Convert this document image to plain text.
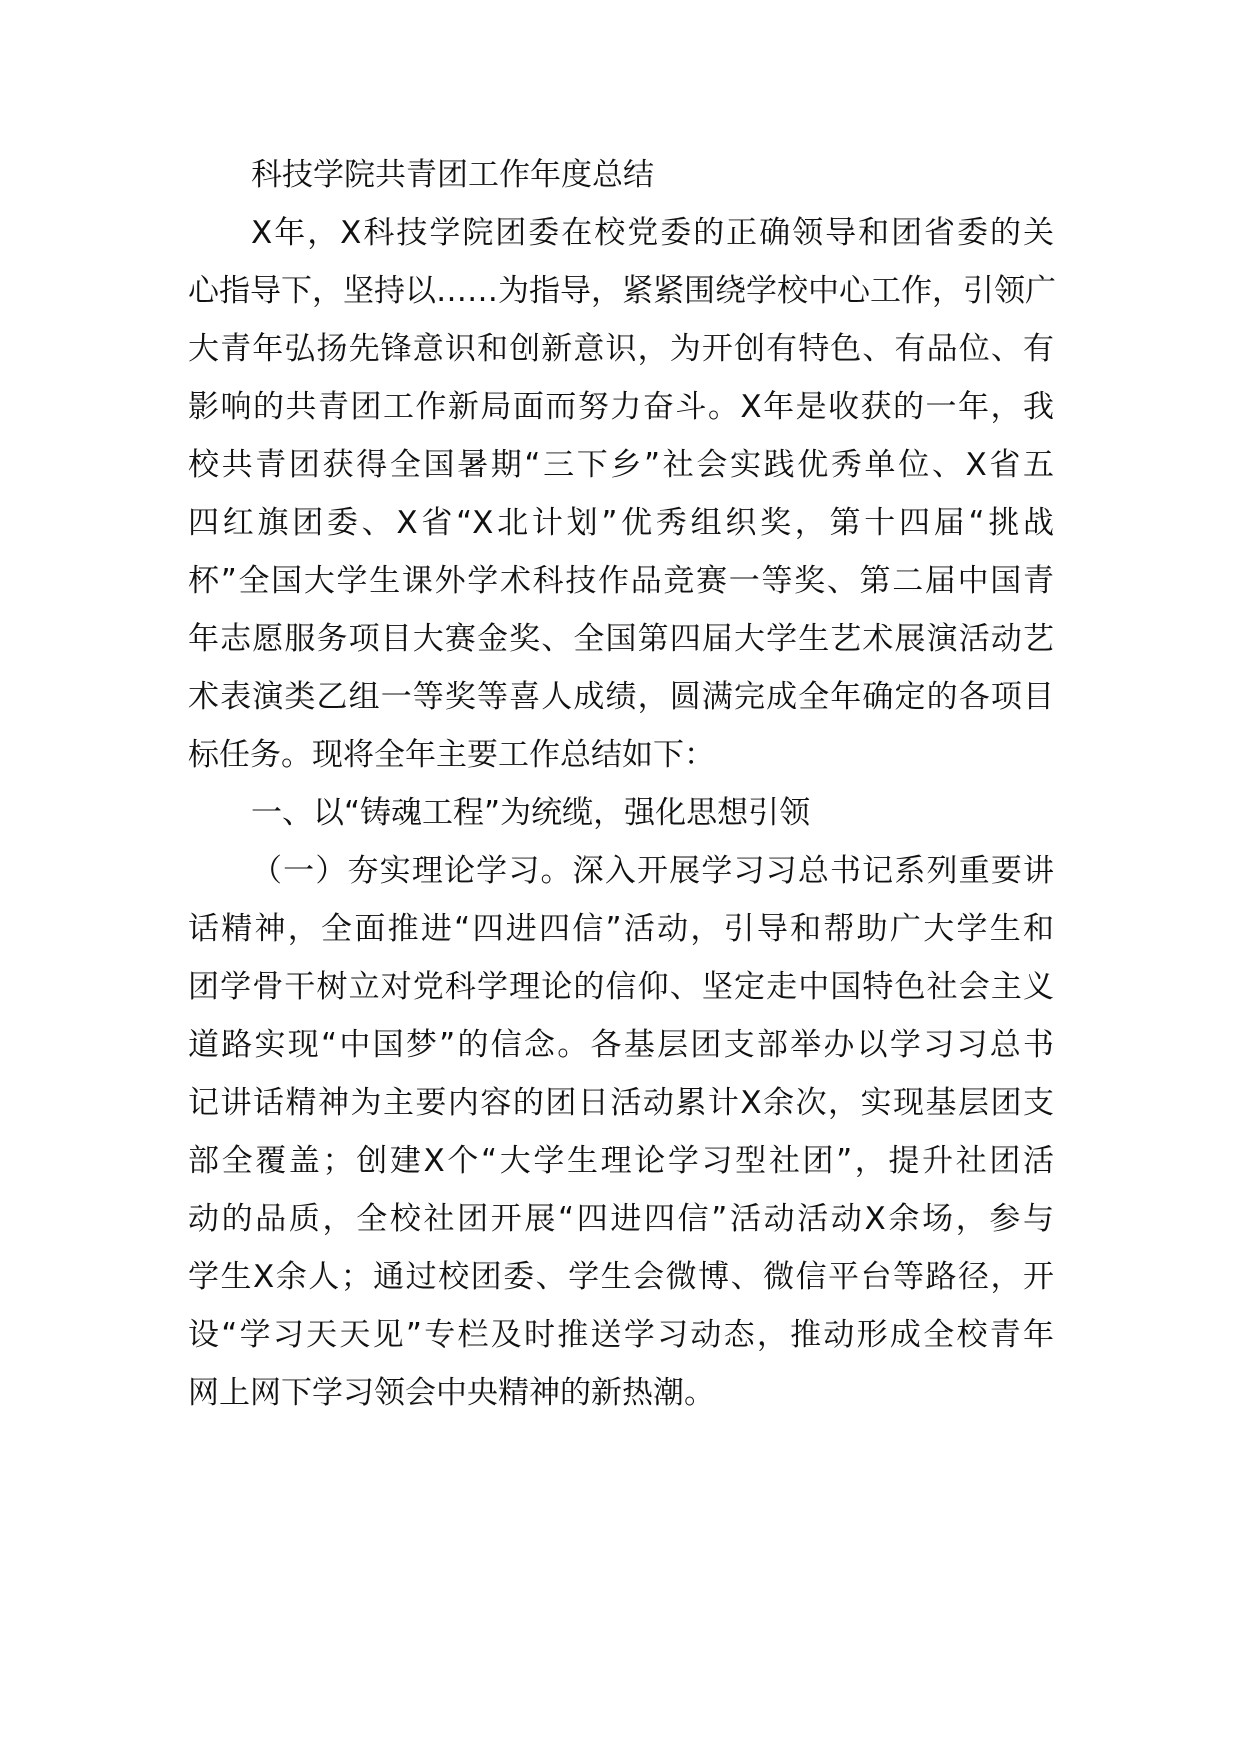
科技学院共青团工作年度总结
X年，X科技学院团委在校党委的正确领导和团省委的关
心指导下，坚持以……为指导，紧紧围绕学校中心工作，引领广
大青年弘扬先锋意识和创新意识，为开创有特色、有品位、有
影响的共青团工作新局面而努力奋斗。X年是收获的一年，我
校共青团获得全国暑期“三下乡”社会实践优秀单位、X省五
四红旗团委、X省“X北计划”优秀组织奖，第十四届“挑战
杯”全国大学生课外学术科技作品竞赛一等奖、第二届中国青
年志愿服务项目大赛金奖、全国第四届大学生艺术展演活动艺
术表演类乙组一等奖等喜人成绩，圆满完成全年确定的各项目
标任务。现将全年主要工作总结如下：
一、以“铸魂工程”为统缆，强化思想引领
（一）夯实理论学习。深入开展学习习总书记系列重要讲
话精神，全面推进“四进四信”活动，引导和帮助广大学生和
团学骨干树立对党科学理论的信仰、坚定走中国特色社会主义
道路实现“中国梦”的信念。各基层团支部举办以学习习总书
记讲话精神为主要内容的团日活动累计X余次，实现基层团支
部全覆盖；创建X个“大学生理论学习型社团”，提升社团活
动的品质，全校社团开展“四进四信”活动活动X余场，参与
学生X余人；通过校团委、学生会微博、微信平台等路径，开
设“学习天天见”专栏及时推送学习动态，推动形成全校青年
网上网下学习领会中央精神的新热潮。
